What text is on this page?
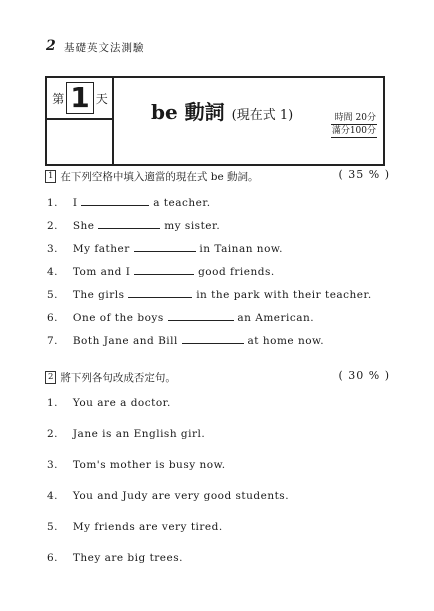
2 基礎英文法測驗
第 1 天
be 動詞 (現在式 1)	時間 20分
滿分100分
1 在下列空格中填入適當的現在式 be 動詞。	( 35 % )
1. I	a teacher.
2. She	my sister.
3. My father	in Tainan now.
4. Tom and I	good friends.
5. The girls	in the park with their teacher.
6. One of the boys	an American.
7. Both Jane and Bill	at home now.
2 將下列各句改成否定句。	( 30 % )
1. You are a doctor.
2. Jane is an English girl.
3. Tom's mother is busy now.
4. You and Judy are very good students.
5. My friends are very tired.
6. They are big trees.
